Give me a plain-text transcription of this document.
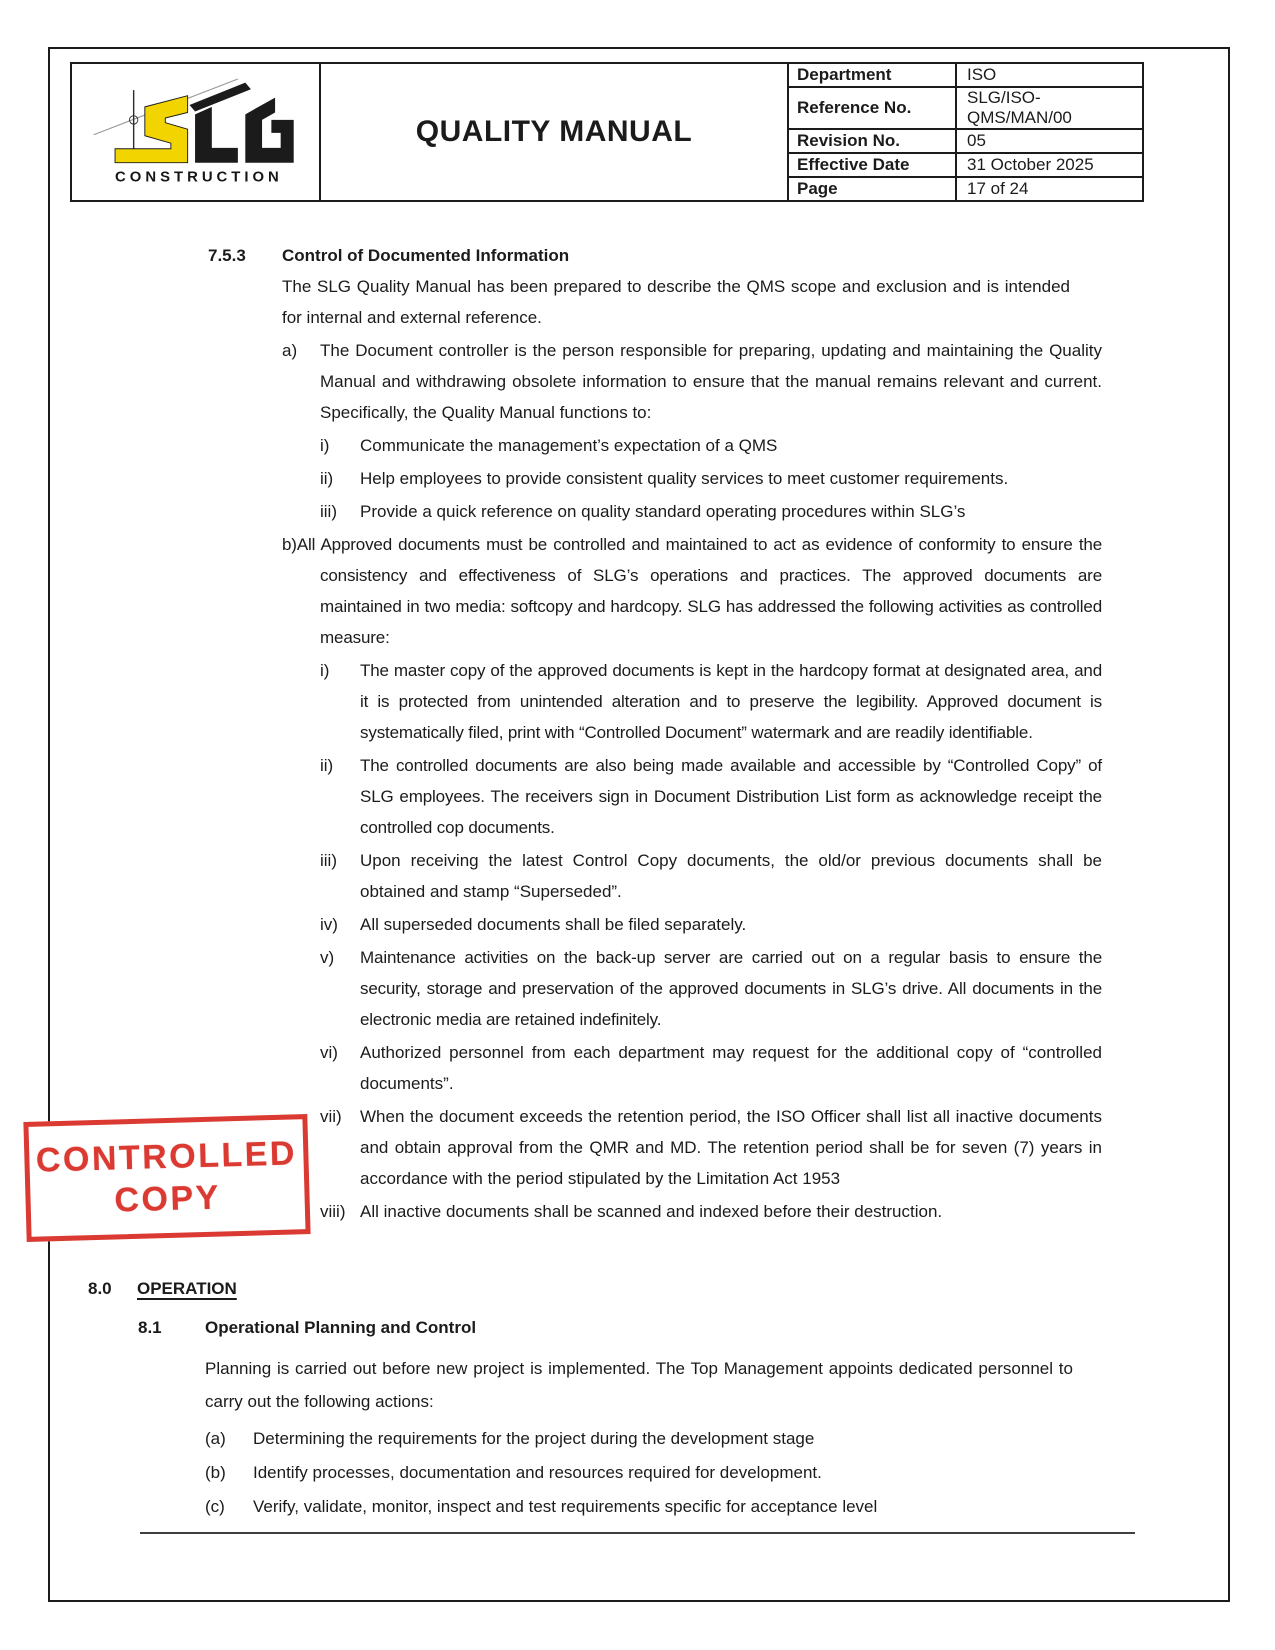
CONSTRUCTION
QUALITY MANUAL
Department	ISO
Reference No.
SLG/ISO-QMS/MAN/00
Revision No.	05
Effective Date	31 October 2025
Page	17 of 24
7.5.3	Control of Documented Information

The SLG Quality Manual has been prepared to describe the QMS scope and exclusion and is intended for internal and external reference.

a)	The Document controller is the person responsible for preparing, updating and maintaining the Quality Manual and withdrawing obsolete information to ensure that the manual remains relevant and current. Specifically, the Quality Manual functions to:
i)	Communicate the management’s expectation of a QMS
ii)	Help employees to provide consistent quality services to meet customer requirements.
iii)	Provide a quick reference on quality standard operating procedures within SLG’s

b)All Approved documents must be controlled and maintained to act as evidence of conformity to ensure the consistency and effectiveness of SLG’s operations and practices. The approved documents are maintained in two media: softcopy and hardcopy. SLG has addressed the following activities as controlled measure:

i)	The master copy of the approved documents is kept in the hardcopy format at designated area, and it is protected from unintended alteration and to preserve the legibility. Approved document is systematically filed, print with “Controlled Document” watermark and are readily identifiable.
ii)	The controlled documents are also being made available and accessible by “Controlled Copy” of SLG employees. The receivers sign in Document Distribution List form as acknowledge receipt the controlled cop documents.
iii)	Upon receiving the latest Control Copy documents, the old/or previous documents shall be obtained and stamp “Superseded”.
iv)	All superseded documents shall be filed separately.
v)	Maintenance activities on the back-up server are carried out on a regular basis to ensure the security, storage and preservation of the approved documents in SLG’s drive. All documents in the electronic media are retained indefinitely.
vi)	Authorized personnel from each department may request for the additional copy of “controlled documents”.
vii)	When the document exceeds the retention period, the ISO Officer shall list all inactive documents and obtain approval from the QMR and MD. The retention period shall be for seven (7) years in accordance with the period stipulated by the Limitation Act 1953
viii) All inactive documents shall be scanned and indexed before their destruction.
CONTROLLED
COPY
8.0	OPERATION
8.1	Operational Planning and Control

Planning is carried out before new project is implemented. The Top Management appoints dedicated personnel to carry out the following actions:

(a)	Determining the requirements for the project during the development stage
(b)	Identify processes, documentation and resources required for development.
(c)	Verify, validate, monitor, inspect and test requirements specific for acceptance level
